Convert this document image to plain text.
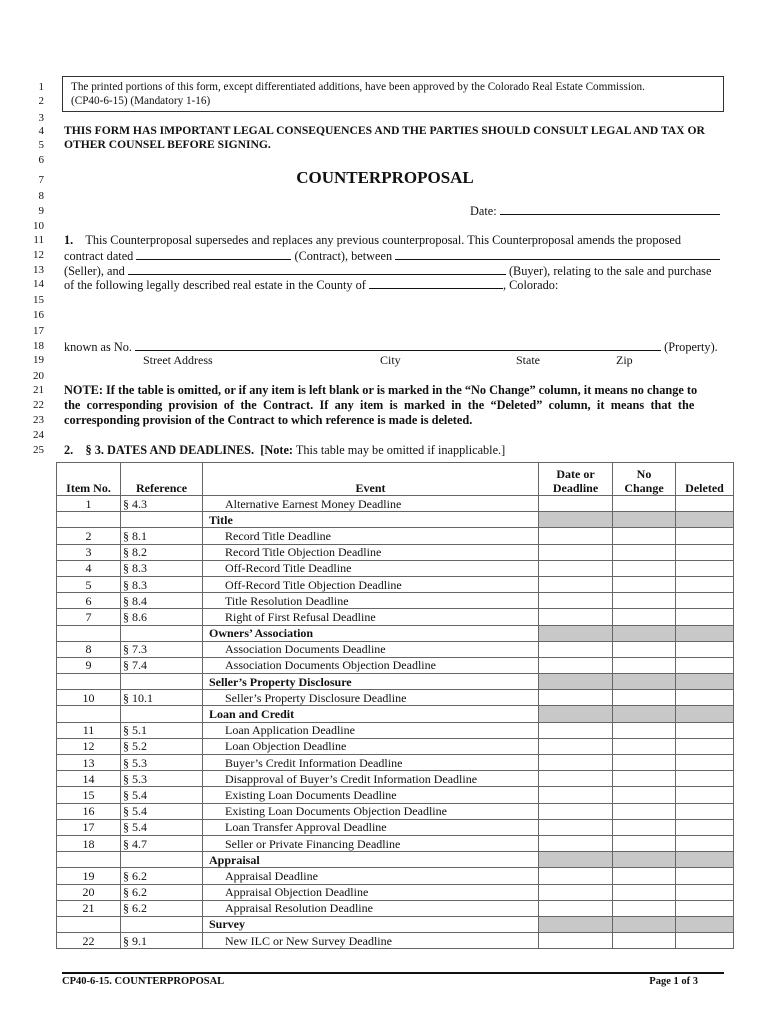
1
2
3
4
5
6
7
8
9
10
11
12
13
14
15
16
17
18
19
20
21
22
23
24
25
The printed portions of this form, except differentiated additions, have been approved by the Colorado Real Estate Commission.
(CP40-6-15) (Mandatory 1-16)
THIS FORM HAS IMPORTANT LEGAL CONSEQUENCES AND THE PARTIES SHOULD CONSULT LEGAL AND TAX OR
OTHER COUNSEL BEFORE SIGNING.
COUNTERPROPOSAL
Date:
1. This Counterproposal supersedes and replaces any previous counterproposal. This Counterproposal amends the proposed
contract dated	(Contract), between
(Seller), and	(Buyer), relating to the sale and purchase
of the following legally described real estate in the County of	, Colorado:
known as No.	(Property).
Street Address	City	State	Zip
NOTE: If the table is omitted, or if any item is left blank or is marked in the “No Change” column, it means no change to
the corresponding provision of the Contract. If any item is marked in the “Deleted” column, it means that the
corresponding provision of the Contract to which reference is made is deleted.
2. § 3. DATES AND DEADLINES. [Note: This table may be omitted if inapplicable.]
Item No.	Reference	Event	Date or
Deadline	No
Change	Deleted
1	§ 4.3	Alternative Earnest Money Deadline			
		Title			
2	§ 8.1	Record Title Deadline			
3	§ 8.2	Record Title Objection Deadline			
4	§ 8.3	Off-Record Title Deadline			
5	§ 8.3	Off-Record Title Objection Deadline			
6	§ 8.4	Title Resolution Deadline			
7	§ 8.6	Right of First Refusal Deadline			
		Owners’ Association			
8	§ 7.3	Association Documents Deadline			
9	§ 7.4	Association Documents Objection Deadline			
		Seller’s Property Disclosure			
10	§ 10.1	Seller’s Property Disclosure Deadline			
		Loan and Credit			
11	§ 5.1	Loan Application Deadline			
12	§ 5.2	Loan Objection Deadline			
13	§ 5.3	Buyer’s Credit Information Deadline			
14	§ 5.3	Disapproval of Buyer’s Credit Information Deadline			
15	§ 5.4	Existing Loan Documents Deadline			
16	§ 5.4	Existing Loan Documents Objection Deadline			
17	§ 5.4	Loan Transfer Approval Deadline			
18	§ 4.7	Seller or Private Financing Deadline			
		Appraisal			
19	§ 6.2	Appraisal Deadline			
20	§ 6.2	Appraisal Objection Deadline			
21	§ 6.2	Appraisal Resolution Deadline			
		Survey			
22	§ 9.1	New ILC or New Survey Deadline			
CP40-6-15. COUNTERPROPOSAL	Page 1 of 3
